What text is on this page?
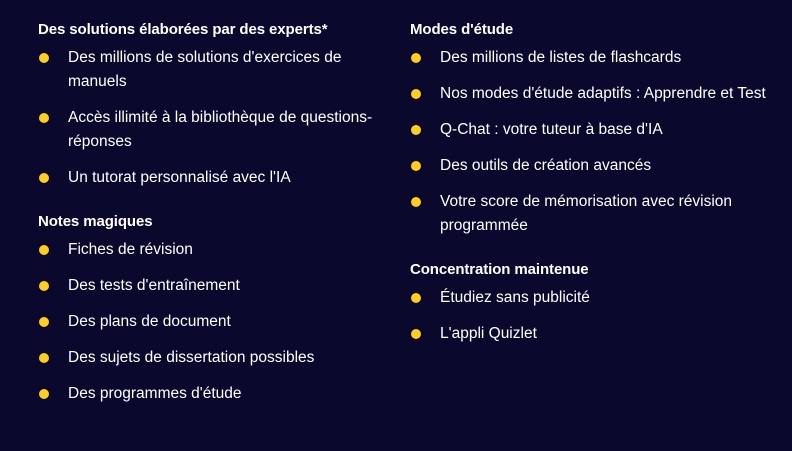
Des solutions élaborées par des experts*
Des millions de solutions d'exercices de manuels
Accès illimité à la bibliothèque de questions-réponses
Un tutorat personnalisé avec l'IA
Notes magiques
Fiches de révision
Des tests d'entraînement
Des plans de document
Des sujets de dissertation possibles
Des programmes d'étude
Modes d'étude
Des millions de listes de flashcards
Nos modes d'étude adaptifs : Apprendre et Test
Q-Chat : votre tuteur à base d'IA
Des outils de création avancés
Votre score de mémorisation avec révision programmée
Concentration maintenue
Étudiez sans publicité
L'appli Quizlet
